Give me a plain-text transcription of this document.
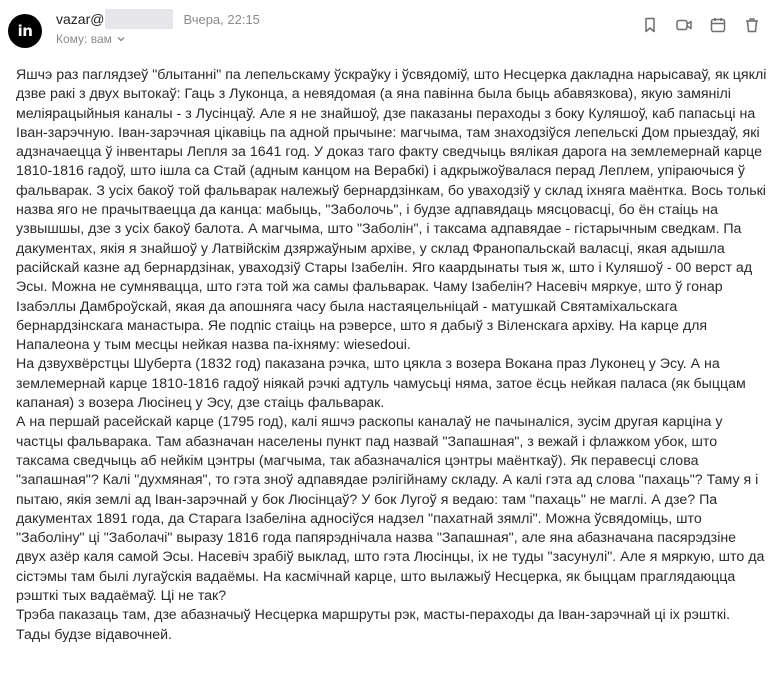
in
vazar@	Вчера, 22:15
Кому: вам

Яшчэ раз паглядзеў "блытанні" па лепельскаму ўскраўку і ўсвядоміў, што Несцерка дакладна нарысаваў, як цяклі дзве ракі з двух вытокаў: Гаць з Луконца, а невядомая (а яна павінна была быць абавязкова), якую замянілі меліярацыйныя каналы - з Лусінцаў. Але я не знайшоў, дзе паказаны пераходы з боку Куляшоў, каб папасьці на Іван-зарэчную. Іван-зарэчная цікавіць па адной прычыне: магчыма, там знаходзіўся лепельскі Дом прыездаў, які адзначаецца ў інвентары Лепля за 1641 год. У доказ таго факту сведчыць вялікая дарога на землемернай карце 1810-1816 гадоў, што ішла са Стай (адным канцом на Верабкі) і адкрыжоўвалася перад Леплем, упіраючыся ў фальварак. З усіх бакоў той фальварак належыў бернардзінкам, бо уваходзіў у склад іхняга маёнтка. Вось толькі назва яго не прачытваецца да канца: мабыць, "Заболочь", і будзе адпавядаць мясцовасці, бо ён стаіць на узвышшы, дзе з усіх бакоў балота. А магчыма, што "Заболін", і таксама адпавядае - гістарычным сведкам. Па дакументах, якія я знайшоў у Латвійскім дзяржаўным архіве, у склад Франопальскай валасці, якая адышла расійскай казне ад бернардзінак, уваходзіў Стары Ізабелін. Яго каардынаты тыя ж, што і Куляшоў - 00 верст ад Эсы. Можна не сумнявацца, што гэта той жа самы фальварак. Чаму Ізабелін? Насевіч мяркуе, што ў гонар Ізабэллы Дамброўскай, якая да апошняга часу была настаяцельніцай - матушкай Святаміхальскага бернардзінскага манастыра. Яе подпіс стаіць на рэверсе, што я дабыў з Віленскага архіву. На карце для Напалеона у тым месцы нейкая назва па-іхняму: wiesedoui.

На дзвухвёрстцы Шуберта (1832 год) паказана рэчка, што цякла з возера Вокана праз Луконец у Эсу. А на землемернай карце 1810-1816 гадоў ніякай рэчкі адтуль чамусьці няма, затое ёсць нейкая паласа (як быццам капаная) з возера Люсінец у Эсу, дзе стаіць фальварак.

А на першай расейскай карце (1795 год), калі яшчэ раскопы каналаў не пачыналіся, зусім другая карціна у частцы фальварака. Там абазначан населены пункт пад назвай "Запашная", з вежай і флажком убок, што таксама сведчыць аб нейкім цэнтры (магчыма, так абазначаліся цэнтры маёнткаў). Як перавесці слова "запашная"? Калі "духмяная", то гэта зноў адпавядае рэлігійнаму складу. А калі гэта ад слова "пахаць"? Таму я і пытаю, якія землі ад Іван-зарэчнай у бок Люсінцаў? У бок Лугоў я ведаю: там "пахаць" не маглі. А дзе? Па дакументах 1891 года, да Старага Ізабеліна адносіўся надзел "пахатнай зямлі". Можна ўсвядоміць, што "Заболіну" ці "Заболачі" выразу 1816 года папярэднічала назва "Запашная", але яна абазначана пасярэдзіне двух азёр каля самой Эсы. Насевіч зрабіў выклад, што гэта Люсінцы, іх не туды "засунулі". Але я мяркую, што да сістэмы там былі лугаўскія вадаёмы. На касмічнай карце, што вылажыў Несцерка, як быццам праглядаюцца рэшткі тых вадаёмаў. Ці не так?

Трэба паказаць там, дзе абазначыў Несцерка маршруты рэк, масты-пераходы да Іван-зарэчнай ці іх рэшткі. Тады будзе відавочней.
